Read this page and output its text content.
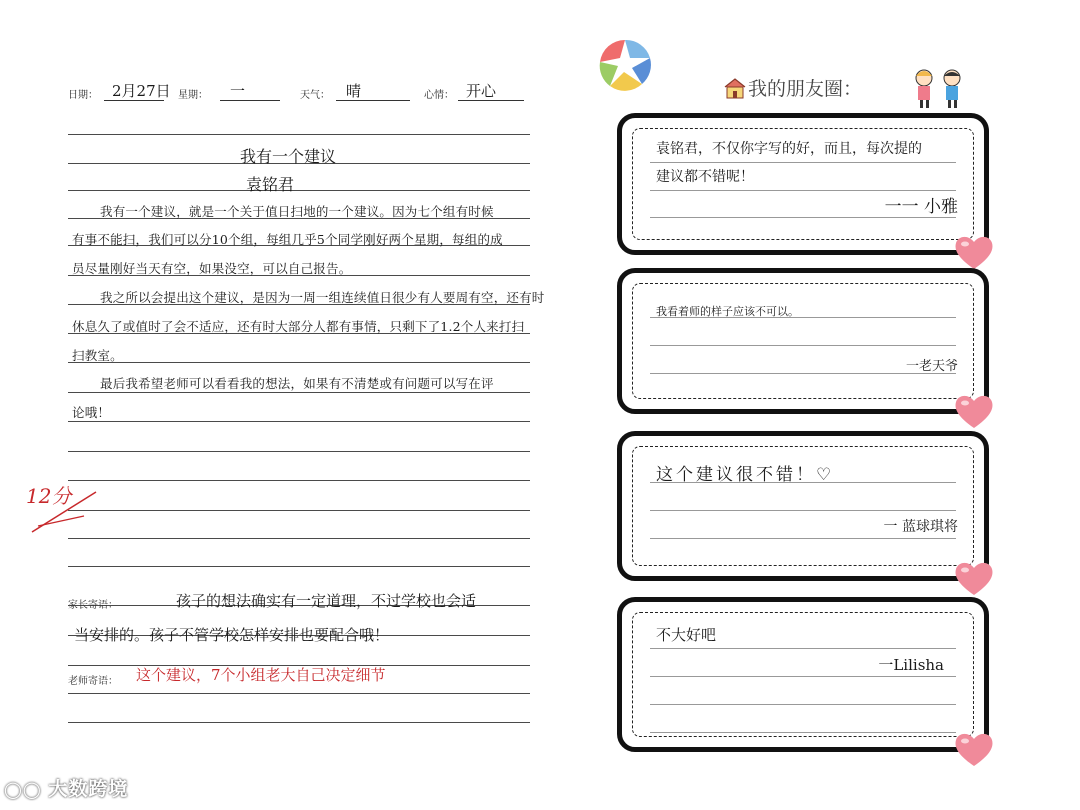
日期： 2月27日 星期： 一	天气： 晴	心情： 开心
我有一个建议
袁铭君
我有一个建议，就是一个关于值日扫地的一个建议。因为七个组有时候
有事不能扫，我们可以分10个组，每组几乎5个同学刚好两个星期，每组的成
员尽量刚好当天有空，如果没空，可以自己报告。
我之所以会提出这个建议，是因为一周一组连续值日很少有人要周有空，还有时
休息久了或值时了会不适应，还有时大部分人都有事情，只剩下了1.2个人来打扫
扫教室。
最后我希望老师可以看看我的想法，如果有不清楚或有问题可以写在评
论哦！
12分
家长寄语：	孩子的想法确实有一定道理，不过学校也会适
当安排的。孩子不管学校怎样安排也要配合哦！
老师寄语： 这个建议，7个小组老大自己决定细节
我的朋友圈：
袁铭君，不仅你字写的好，而且，每次提的
建议都不错呢！
一一 小雅
我看着师的样子应该不可以。
一老天爷
这个建议很不错！♡
一 蓝球琪将
不大好吧
一Lilisha
◯◯ 大数跨境
